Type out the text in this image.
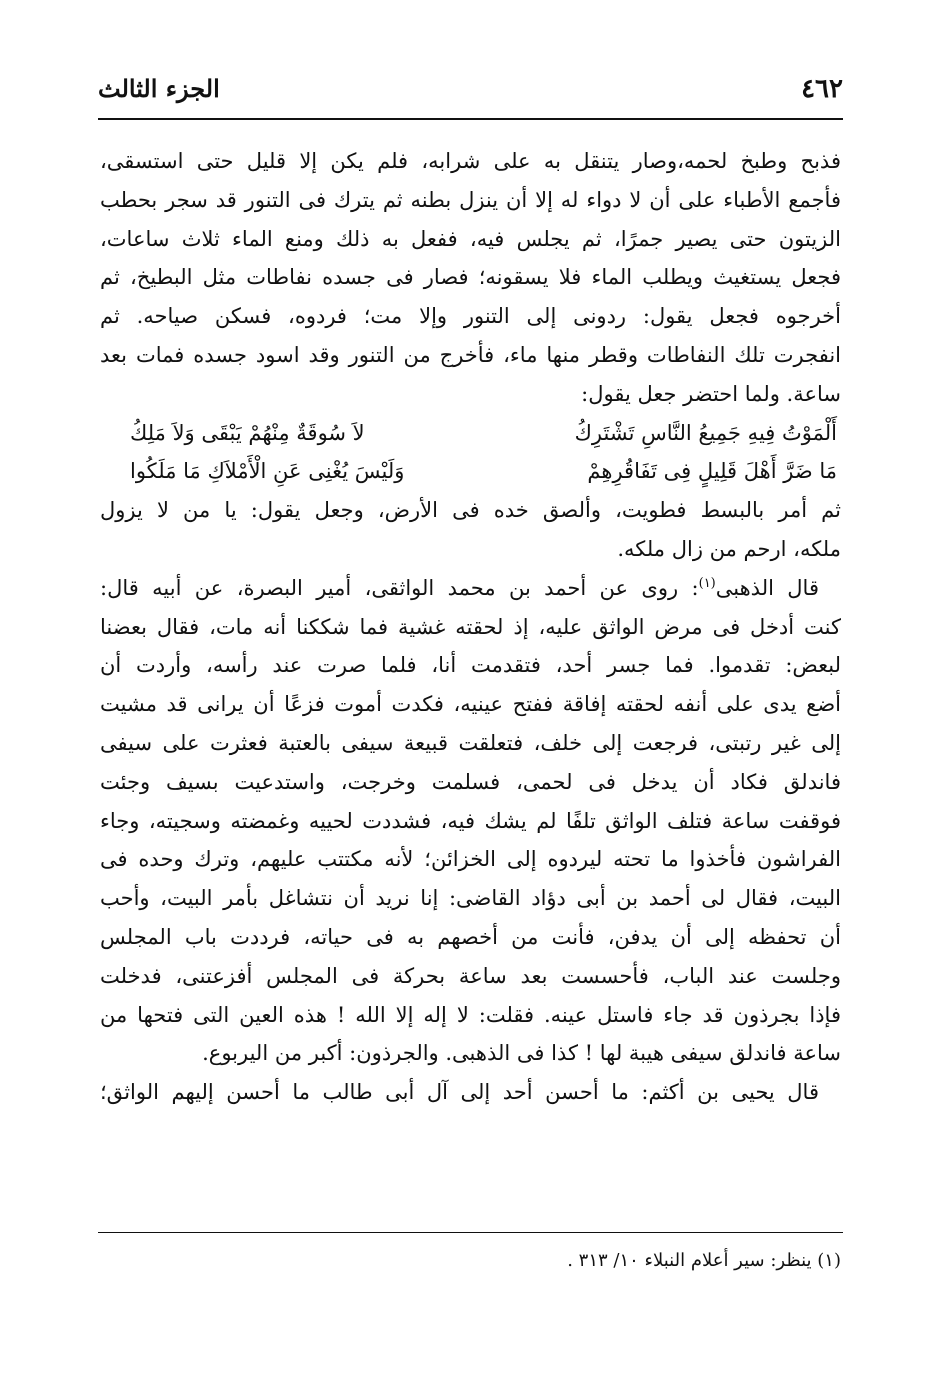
٤٦٢
الجزء الثالث
فذبح وطبخ لحمه،وصار يتنقل به على شرابه، فلم يكن إلا قليل حتى استسقى،
فأجمع الأطباء على أن لا دواء له إلا أن ينزل بطنه ثم يترك فى التنور قد سجر بحطب
الزيتون حتى يصير جمرًا، ثم يجلس فيه، ففعل به ذلك ومنع الماء ثلاث ساعات،
فجعل يستغيث ويطلب الماء فلا يسقونه؛ فصار فى جسده نفاطات مثل البطيخ، ثم
أخرجوه فجعل يقول: ردونى إلى التنور وإلا مت؛ فردوه، فسكن صياحه. ثم
انفجرت تلك النفاطات وقطر منها ماء، فأخرج من التنور وقد اسود جسده فمات بعد
ساعة. ولما احتضر جعل يقول:
أَلْمَوْتُ فِيهِ جَمِيعُ النَّاسِ تَشْتَرِكُ
لاَ سُوقَةٌ مِنْهُمْ يَبْقَى وَلاَ مَلِكُ
مَا ضَرَّ أَهْلَ قَلِيلٍ فِى تَفَاقُرِهِمْ
وَلَيْسَ يُغْنِى عَنِ الْأَمْلاَكِ مَا مَلَكُوا
ثم أمر بالبسط فطويت، وألصق خده فى الأرض، وجعل يقول: يا من لا يزول
ملكه، ارحم من زال ملكه.
قال الذهبى$^{(١)}$: روى عن أحمد بن محمد الواثقى، أمير البصرة، عن أبيه قال:
كنت أدخل فى مرض الواثق عليه، إذ لحقته غشية فما شككنا أنه مات، فقال بعضنا
لبعض: تقدموا. فما جسر أحد، فتقدمت أنا، فلما صرت عند رأسه، وأردت أن
أضع يدى على أنفه لحقته إفاقة ففتح عينيه، فكدت أموت فزعًا أن يرانى قد مشيت
إلى غير رتبتى، فرجعت إلى خلف، فتعلقت قبيعة سيفى بالعتبة فعثرت على سيفى
فاندلق فكاد أن يدخل فى لحمى، فسلمت وخرجت، واستدعيت بسيف وجئت
فوقفت ساعة فتلف الواثق تلفًا لم يشك فيه، فشددت لحييه وغمضته وسجيته، وجاء
الفراشون فأخذوا ما تحته ليردوه إلى الخزائن؛ لأنه مكتتب عليهم، وترك وحده فى
البيت، فقال لى أحمد بن أبى دؤاد القاضى: إنا نريد أن نتشاغل بأمر البيت، وأحب
أن تحفظه إلى أن يدفن، فأنت من أخصهم به فى حياته، فرددت باب المجلس
وجلست عند الباب، فأحسست بعد ساعة بحركة فى المجلس أفزعتنى، فدخلت
فإذا بجرذون قد جاء فاستل عينه. فقلت: لا إله إلا الله ! هذه العين التى فتحها من
ساعة فاندلق سيفى هيبة لها ! كذا فى الذهبى. والجرذون: أكبر من اليربوع.
قال يحيى بن أكثم: ما أحسن أحد إلى آل أبى طالب ما أحسن إليهم الواثق؛
(١) ينظر: سير أعلام النبلاء ١٠/ ٣١٣ .
